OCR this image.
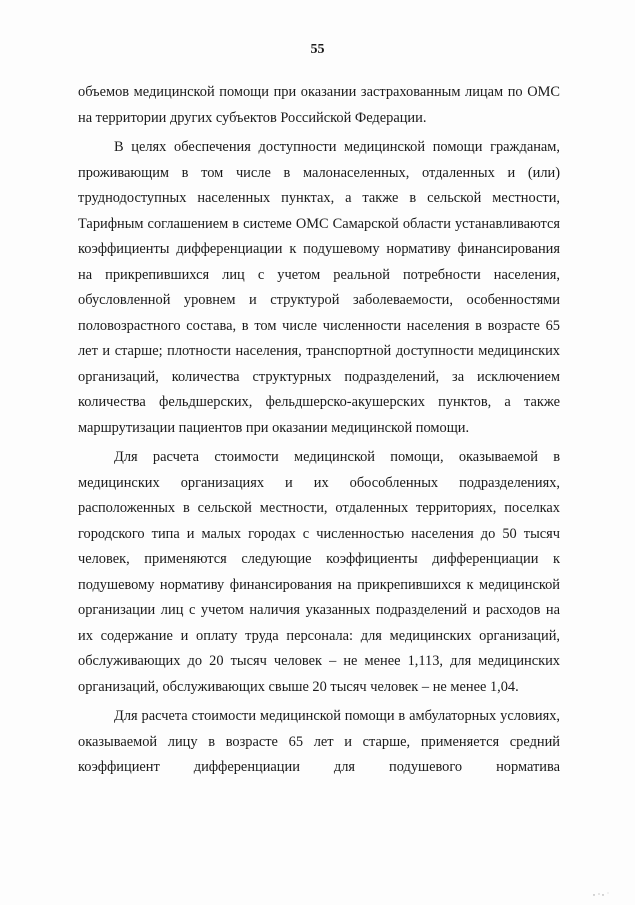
55

объемов медицинской помощи при оказании застрахованным лицам по ОМС на территории других субъектов Российской Федерации.

В целях обеспечения доступности медицинской помощи гражданам, проживающим в том числе в малонаселенных, отдаленных и (или) труднодоступных населенных пунктах, а также в сельской местности, Тарифным соглашением в системе ОМС Самарской области устанавливаются коэффициенты дифференциации к подушевому нормативу финансирования на прикрепившихся лиц с учетом реальной потребности населения, обусловленной уровнем и структурой заболеваемости, особенностями половозрастного состава, в том числе численности населения в возрасте 65 лет и старше; плотности населения, транспортной доступности медицинских организаций, количества структурных подразделений, за исключением количества фельдшерских, фельдшерско-акушерских пунктов, а также маршрутизации пациентов при оказании медицинской помощи.

Для расчета стоимости медицинской помощи, оказываемой в медицинских организациях и их обособленных подразделениях, расположенных в сельской местности, отдаленных территориях, поселках городского типа и малых городах с численностью населения до 50 тысяч человек, применяются следующие коэффициенты дифференциации к подушевому нормативу финансирования на прикрепившихся к медицинской организации лиц с учетом наличия указанных подразделений и расходов на их содержание и оплату труда персонала: для медицинских организаций, обслуживающих до 20 тысяч человек – не менее 1,113, для медицинских организаций, обслуживающих свыше 20 тысяч человек – не менее 1,04.

Для расчета стоимости медицинской помощи в амбулаторных условиях, оказываемой лицу в возрасте 65 лет и старше, применяется средний коэффициент дифференциации для подушевого норматива
